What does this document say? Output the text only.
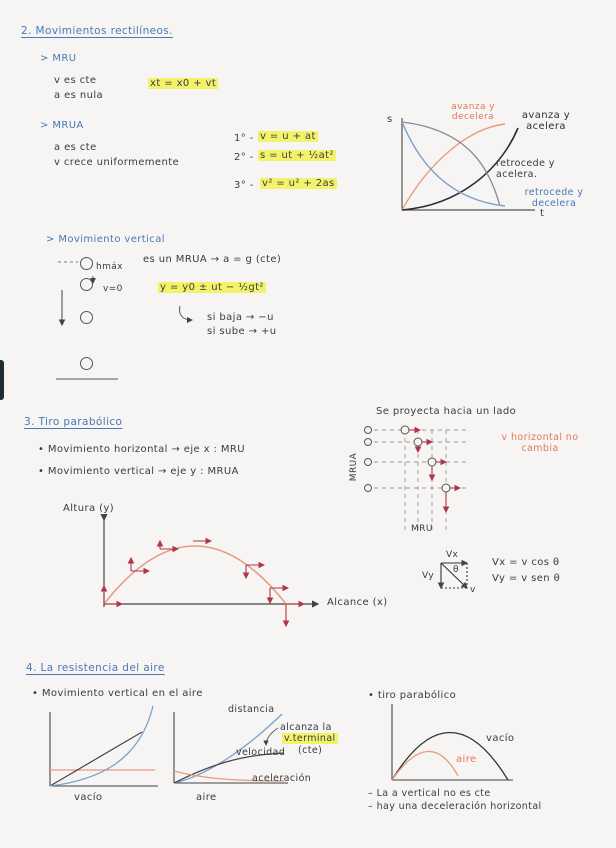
2. Movimientos rectilíneos.
> MRU
v es cte
a es nula
xt = x0 + vt
> MRUA
a es cte
v crece uniformemente
1° - v = u + at
2° - s = ut + ½at²
3° - v² = u² + 2as
s
t
avanza y decelera	avanza y acelera
retrocede y acelera.
retrocede y decelera
> Movimiento vertical
hmáx
v=0
es un MRUA → a = g (cte)
y = y0 ± ut − ½gt²
si baja → −u
si sube → +u
3. Tiro parabólico
• Movimiento horizontal → eje x : MRU
• Movimiento vertical → eje y : MRUA
Altura (y)
Alcance (x)
Se proyecta hacia un lado
v horizontal no cambia
MRUA
MRU
Vx
Vy
θ
v
Vx = v cos θ
Vy = v sen θ
4. La resistencia del aire
• Movimiento vertical en el aire
vacío	aire
distancia
alcanza la
v.terminal
(cte)
velocidad
aceleración
• tiro parabólico
vacío
aire
– La a vertical no es cte
– hay una deceleración horizontal
